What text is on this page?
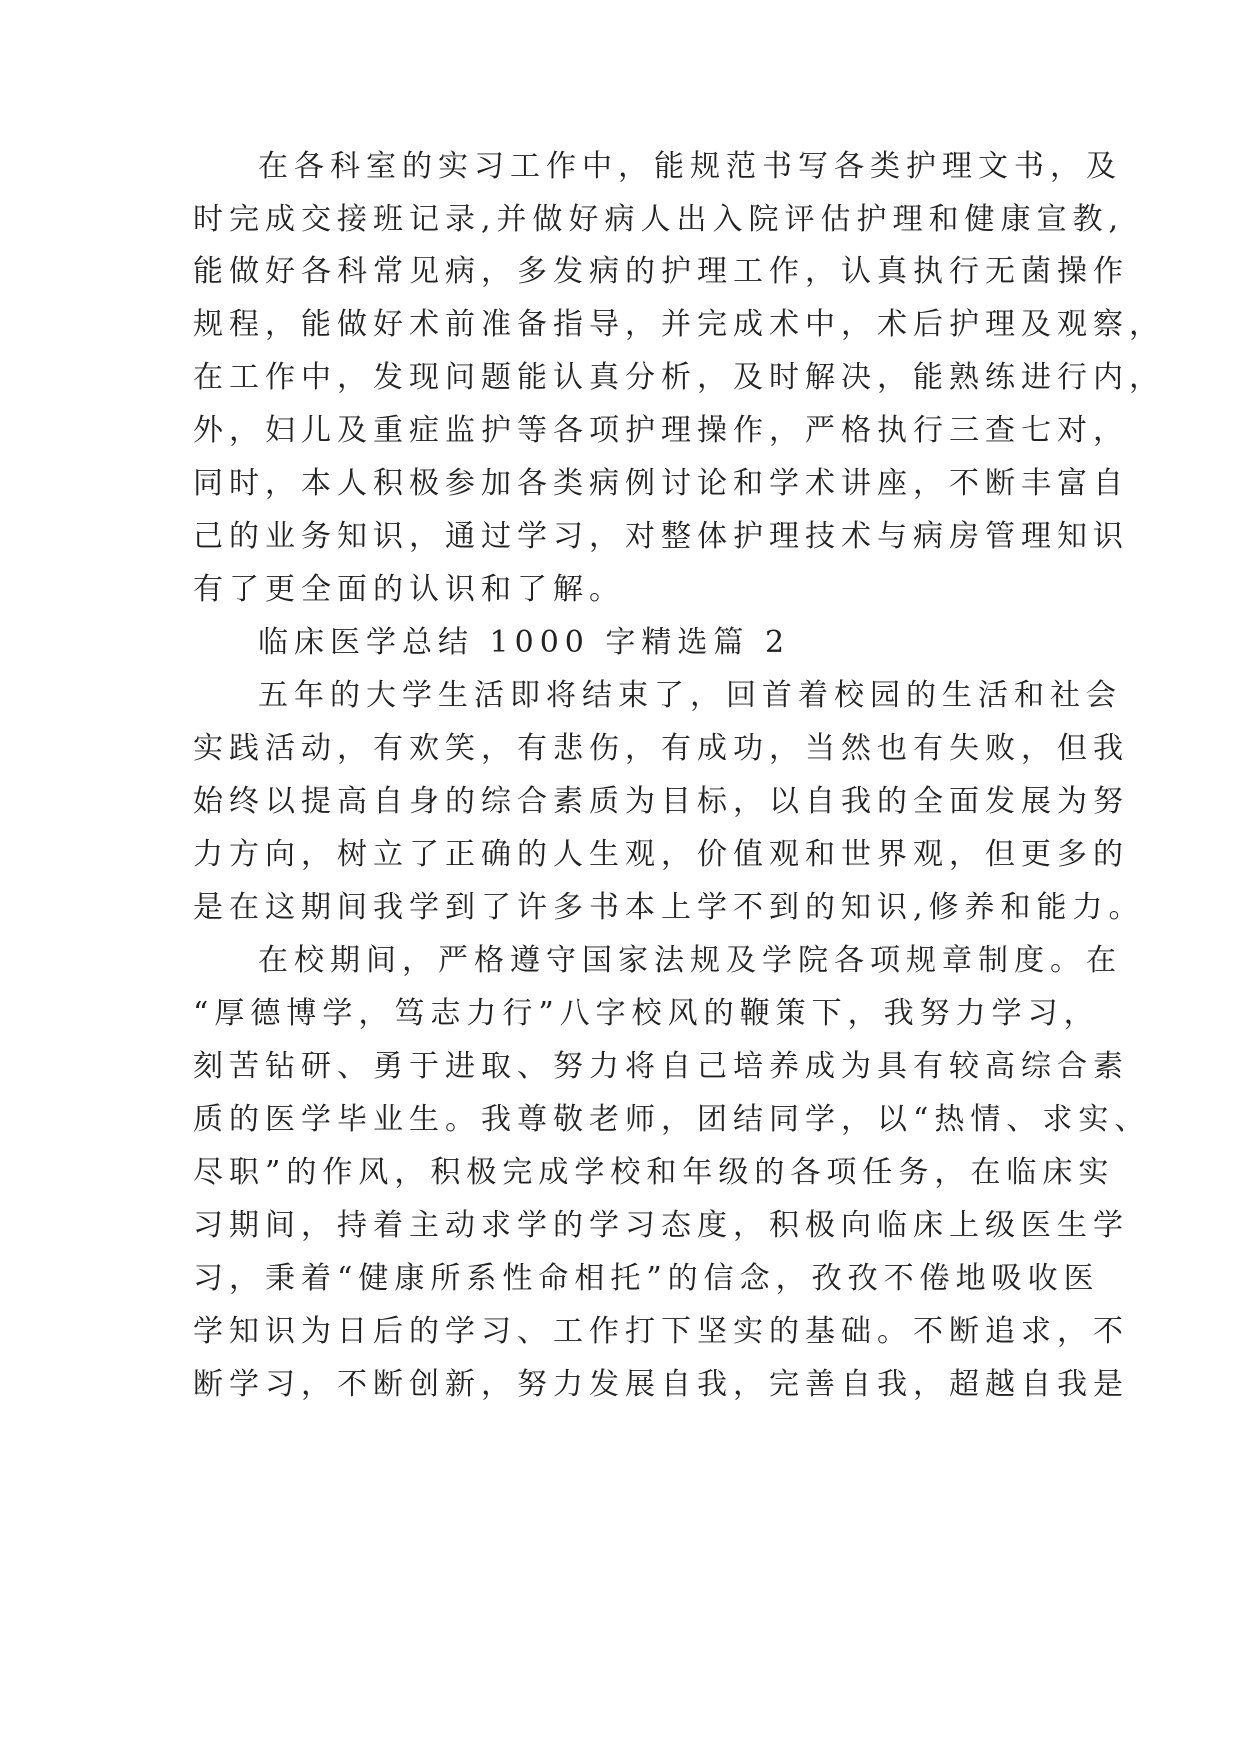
在各科室的实习工作中，能规范书写各类护理文书，及
时完成交接班记录,并做好病人出入院评估护理和健康宣教,
能做好各科常见病，多发病的护理工作，认真执行无菌操作
规程，能做好术前准备指导，并完成术中，术后护理及观察，
在工作中，发现问题能认真分析，及时解决，能熟练进行内，
外，妇儿及重症监护等各项护理操作，严格执行三查七对，
同时，本人积极参加各类病例讨论和学术讲座，不断丰富自
己的业务知识，通过学习，对整体护理技术与病房管理知识
有了更全面的认识和了解。
临床医学总结 1000 字精选篇 2
五年的大学生活即将结束了，回首着校园的生活和社会
实践活动，有欢笑，有悲伤，有成功，当然也有失败，但我
始终以提高自身的综合素质为目标，以自我的全面发展为努
力方向，树立了正确的人生观，价值观和世界观，但更多的
是在这期间我学到了许多书本上学不到的知识,修养和能力。
在校期间，严格遵守国家法规及学院各项规章制度。在
“厚德博学，笃志力行”八字校风的鞭策下，我努力学习，
刻苦钻研、勇于进取、努力将自己培养成为具有较高综合素
质的医学毕业生。我尊敬老师，团结同学，以“热情、求实、
尽职”的作风，积极完成学校和年级的各项任务，在临床实
习期间，持着主动求学的学习态度，积极向临床上级医生学
习，秉着“健康所系性命相托”的信念，孜孜不倦地吸收医
学知识为日后的学习、工作打下坚实的基础。不断追求，不
断学习，不断创新，努力发展自我，完善自我，超越自我是
